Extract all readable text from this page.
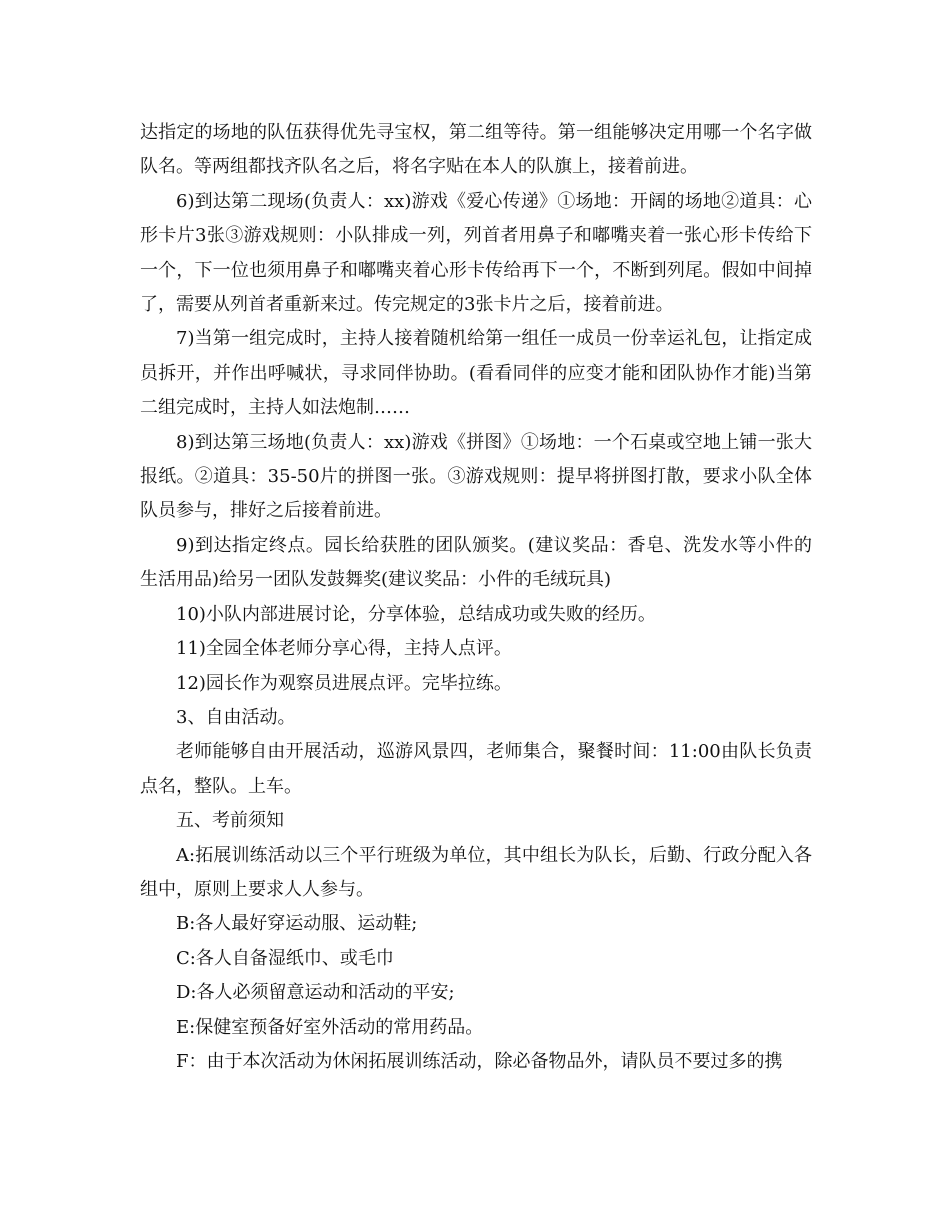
达指定的场地的队伍获得优先寻宝权，第二组等待。第一组能够决定用哪一个名字做队名。等两组都找齐队名之后，将名字贴在本人的队旗上，接着前进。

6)到达第二现场(负责人：xx)游戏《爱心传递》①场地：开阔的场地②道具：心形卡片3张③游戏规则：小队排成一列，列首者用鼻子和嘟嘴夹着一张心形卡传给下一个，下一位也须用鼻子和嘟嘴夹着心形卡传给再下一个，不断到列尾。假如中间掉了，需要从列首者重新来过。传完规定的3张卡片之后，接着前进。

7)当第一组完成时，主持人接着随机给第一组任一成员一份幸运礼包，让指定成员拆开，并作出呼喊状，寻求同伴协助。(看看同伴的应变才能和团队协作才能)当第二组完成时，主持人如法炮制……

8)到达第三场地(负责人：xx)游戏《拼图》①场地：一个石桌或空地上铺一张大报纸。②道具：35-50片的拼图一张。③游戏规则：提早将拼图打散，要求小队全体队员参与，排好之后接着前进。

9)到达指定终点。园长给获胜的团队颁奖。(建议奖品：香皂、洗发水等小件的生活用品)给另一团队发鼓舞奖(建议奖品：小件的毛绒玩具)

10)小队内部进展讨论，分享体验，总结成功或失败的经历。

11)全园全体老师分享心得，主持人点评。

12)园长作为观察员进展点评。完毕拉练。

3、自由活动。

老师能够自由开展活动，巡游风景四，老师集合，聚餐时间：11:00由队长负责点名，整队。上车。

五、考前须知

A:拓展训练活动以三个平行班级为单位，其中组长为队长，后勤、行政分配入各组中，原则上要求人人参与。

B:各人最好穿运动服、运动鞋;

C:各人自备湿纸巾、或毛巾

D:各人必须留意运动和活动的平安;

E:保健室预备好室外活动的常用药品。

F：由于本次活动为休闲拓展训练活动，除必备物品外，请队员不要过多的携
